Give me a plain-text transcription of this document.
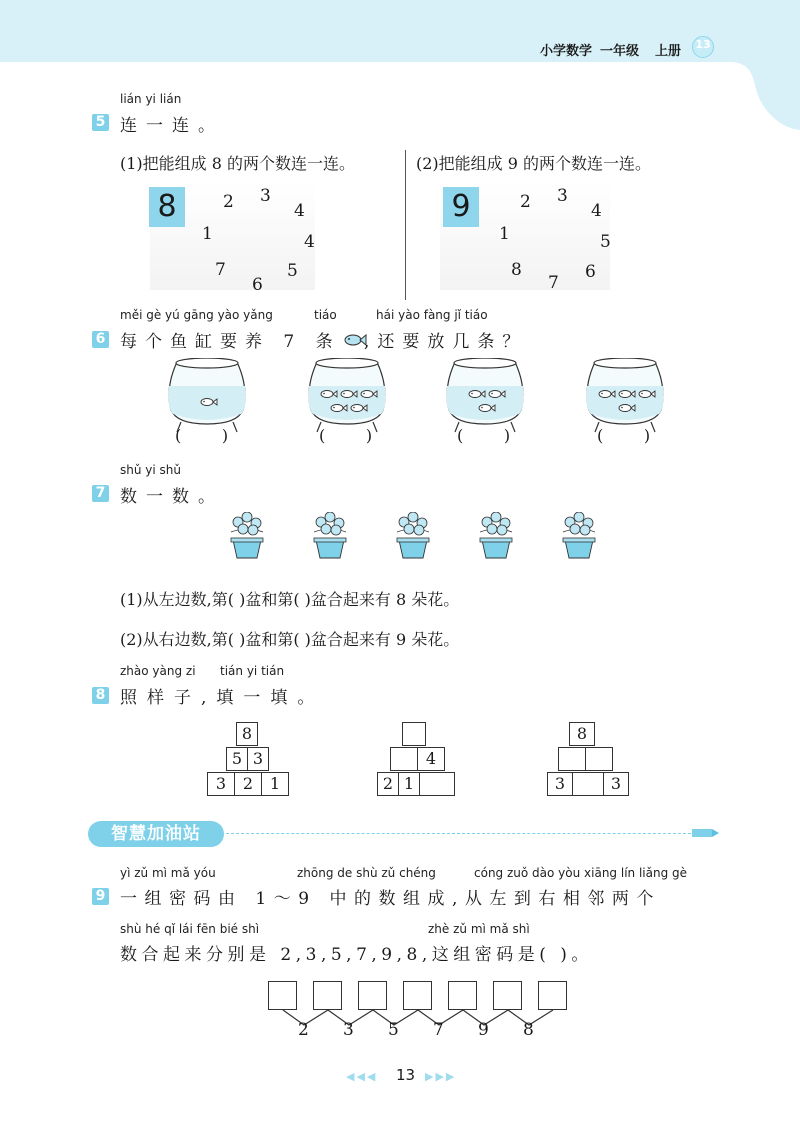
小学数学 一年级 上册	13
lián yi lián
5 连一连。
(1)把能组成 8 的两个数连一连。	(2)把能组成 9 的两个数连一连。
8	2 3
4
1	4
7
6
5
9	2 3
4
1	5
8
7
6
měi gè yú gāng yào yǎng	tiáo	hái yào fàng jǐ tiáo
6 每个鱼缸要养 7 条 ,还要放几条？
(        )	(        )	(        )	(        )
shǔ yi shǔ
7 数一数。
(1)从左边数,第( )盆和第( )盆合起来有 8 朵花。
(2)从右边数,第( )盆和第( )盆合起来有 9 朵花。
zhào yàng zi tián yi tián
8 照样子,填一填。
8
5 3
3	2	1
4
2 1
8
3	3
智慧加油站
yì zǔ mì mǎ yóu	zhōng de shù zǔ chéng	cóng zuǒ dào yòu xiāng lín liǎng gè
9 一组密码由 1～9 中的数组成,从左到右相邻两个
shù hé qǐ lái fēn bié shì	zhè zǔ mì mǎ shì
数合起来分别是 2,3,5,7,9,8,这组密码是( )。
2 3 5 7 9 8
◀◀◀ 13 ▶▶▶
